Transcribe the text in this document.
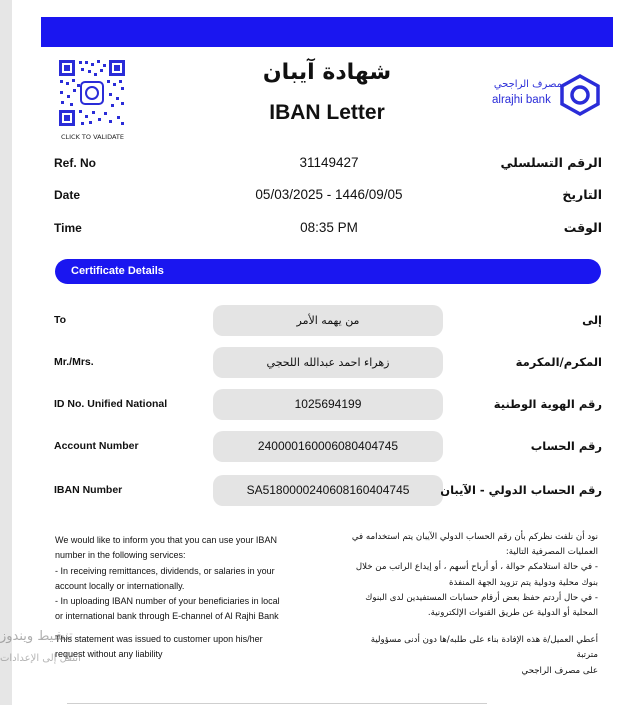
CLICK TO VALIDATE
شهادة آيبان
IBAN Letter
مصرف الراجحي
alrajhi bank
Ref. No	31149427	الرقم التسلسلي
Date	05/03/2025 - 1446/09/05	التاريخ
Time	08:35 PM	الوقت
Certificate Details
To	من يهمه الأمر	إلى
Mr./Mrs.	زهراء احمد عبدالله اللحجي	المكرم/المكرمة
ID No. Unified National	1025694199	رقم الهوية الوطنية
Account Number	240000160006080404745	رقم الحساب
IBAN Number	SA5180000240608160404745	رقم الحساب الدولي - الآيبان
We would like to inform you that you can use your IBAN
number in the following services:
- In receiving remittances, dividends, or salaries in your
account locally or internationally.
- In uploading IBAN number of your beneficiaries in local
or international bank through E-channel of Al Rajhi Bank
This statement was issued to customer upon his/her
request without any liability
نود أن نلفت نظركم بأن رقم الحساب الدولي الآيبان يتم استخدامه في
العمليات المصرفية التالية:
- في حالة استلامكم حوالة ، أو أرباح أسهم ، أو إيداع الراتب من خلال
بنوك محلية ودولية يتم تزويد الجهة المنفذة
- في حال أردتم حفظ بعض أرقام حسابات المستفيدين لدى البنوك
المحلية أو الدولية عن طريق القنوات الإلكترونية.
أعطي العميل/ة هذه الإفادة بناء على طلبه/ها دون أدنى مسؤولية مترتبة
على مصرف الراجحي
تنشيط ويندوز
انتقل إلى الإعدادات
